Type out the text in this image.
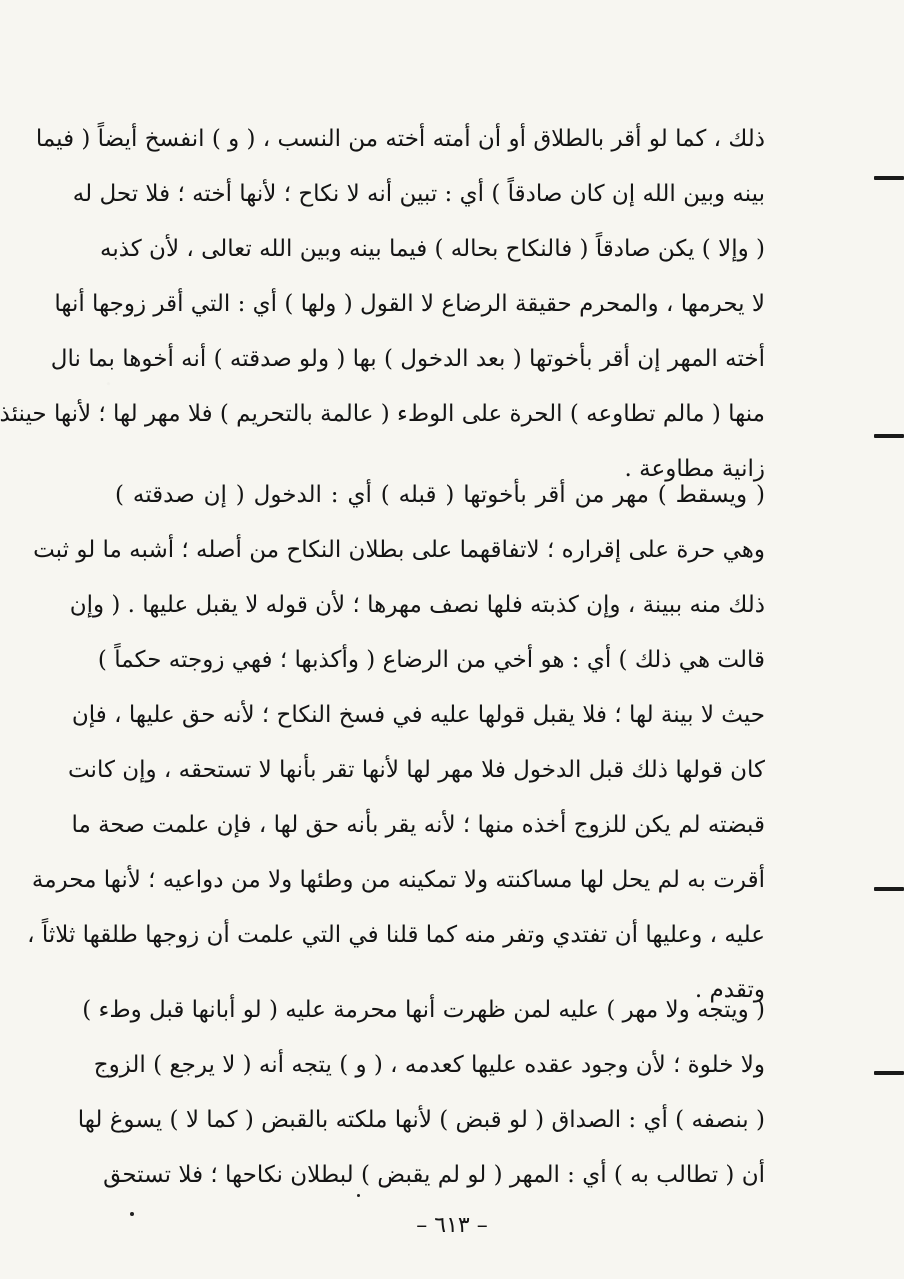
ذلك ، كما لو أقر بالطلاق أو أن أمته أخته من النسب ، ( و ) انفسخ أيضاً ( فيما
بينه وبين الله إن كان صادقاً ) أي : تبين أنه لا نكاح ؛ لأنها أخته ؛ فلا تحل له
( وإلا ) يكن صادقاً ( فالنكاح بحاله ) فيما بينه وبين الله تعالى ، لأن كذبه
لا يحرمها ، والمحرم حقيقة الرضاع لا القول ( ولها ) أي : التي أقر زوجها أنها
أخته المهر إن أقر بأخوتها ( بعد الدخول ) بها ( ولو صدقته ) أنه أخوها بما نال
منها ( مالم تطاوعه ) الحرة على الوطء ( عالمة بالتحريم ) فلا مهر لها ؛ لأنها حينئذ
زانية مطاوعة .
( ويسقط ) مهر من أقر بأخوتها ( قبله ) أي : الدخول ( إن صدقته )
وهي حرة على إقراره ؛ لاتفاقهما على بطلان النكاح من أصله ؛ أشبه ما لو ثبت
ذلك منه ببينة ، وإن كذبته فلها نصف مهرها ؛ لأن قوله لا يقبل عليها . ( وإن
قالت هي ذلك ) أي : هو أخي من الرضاع ( وأكذبها ؛ فهي زوجته حكماً )
حيث لا بينة لها ؛ فلا يقبل قولها عليه في فسخ النكاح ؛ لأنه حق عليها ، فإن
كان قولها ذلك قبل الدخول فلا مهر لها لأنها تقر بأنها لا تستحقه ، وإن كانت
قبضته لم يكن للزوج أخذه منها ؛ لأنه يقر بأنه حق لها ، فإن علمت صحة ما
أقرت به لم يحل لها مساكنته ولا تمكينه من وطئها ولا من دواعيه ؛ لأنها محرمة
عليه ، وعليها أن تفتدي وتفر منه كما قلنا في التي علمت أن زوجها طلقها ثلاثاً ،
وتقدم .
( ويتجه ولا مهر ) عليه لمن ظهرت أنها محرمة عليه ( لو أبانها قبل وطء )
ولا خلوة ؛ لأن وجود عقده عليها كعدمه ، ( و ) يتجه أنه ( لا يرجع ) الزوج
( بنصفه ) أي : الصداق ( لو قبض ) لأنها ملكته بالقبض ( كما لا ) يسوغ لها
أن ( تطالب به ) أي : المهر ( لو لم يقبض ) لبطلان نكاحها ؛ فلا تستحق
– ٦١٣ –
